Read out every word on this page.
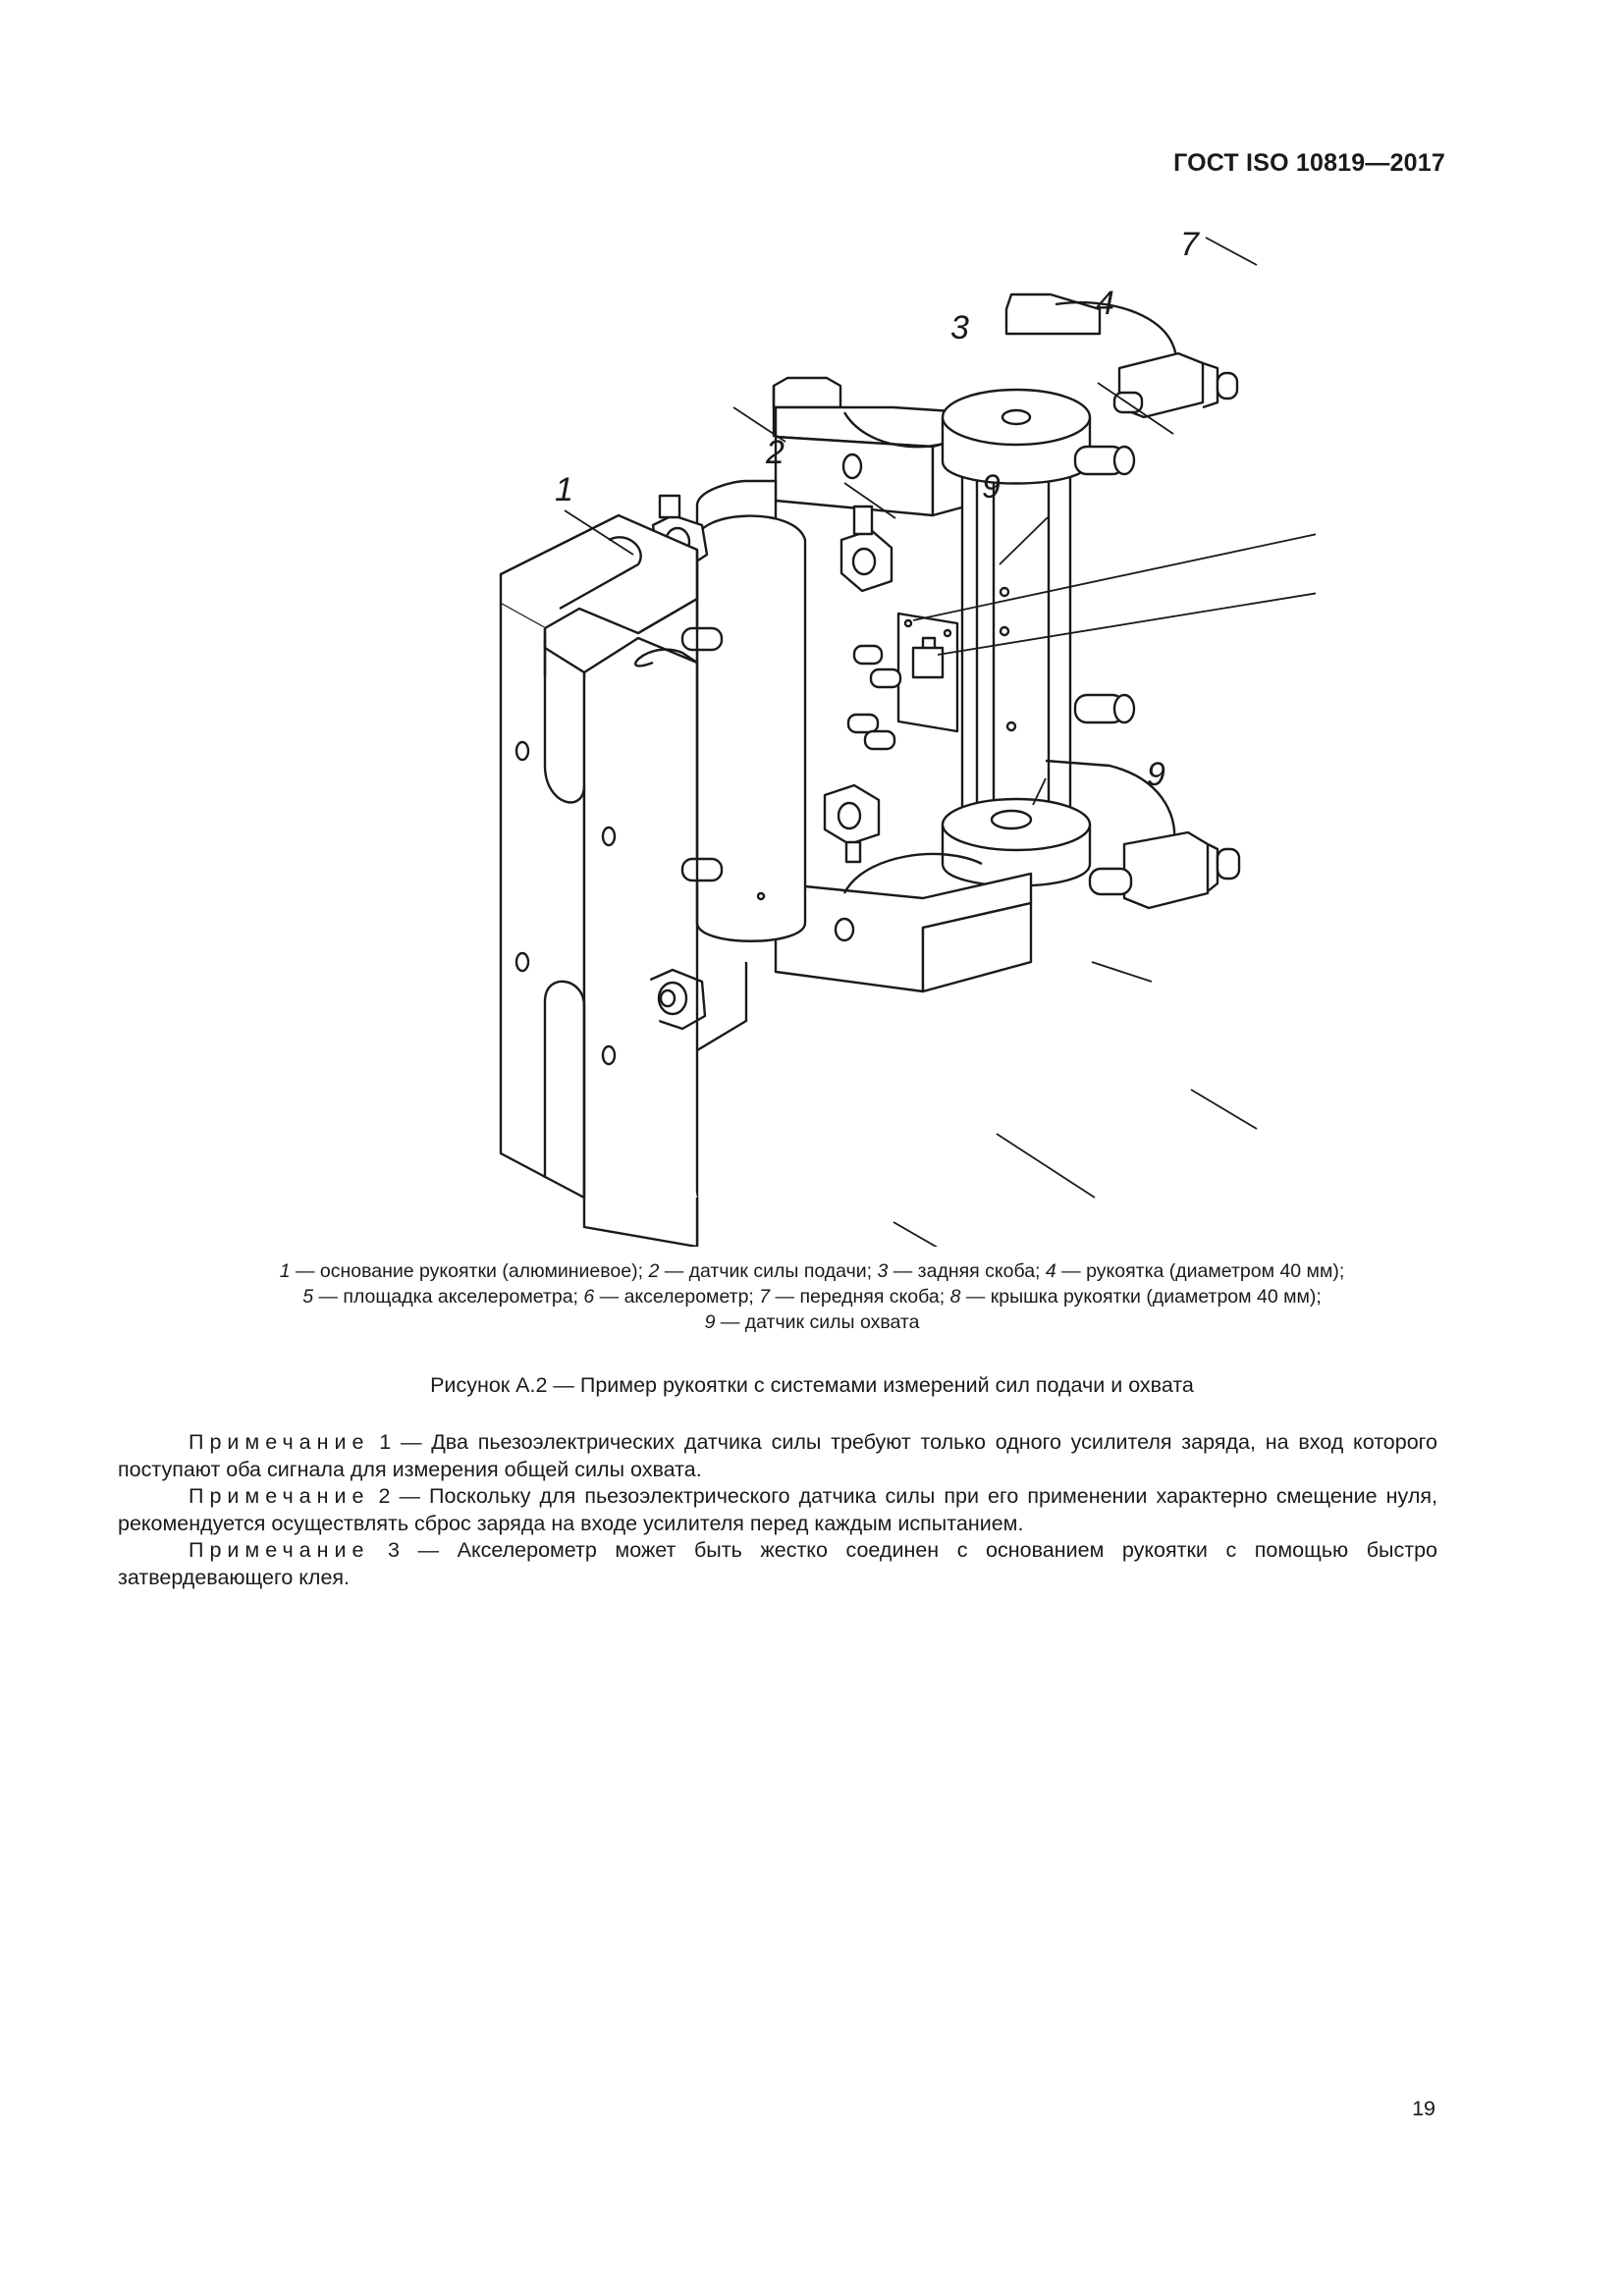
ГОСТ ISO 10819—2017
1
2
3
4
7
9
9
1 — основание рукоятки (алюминиевое); 2 — датчик силы подачи; 3 — задняя скоба; 4 — рукоятка (диаметром 40 мм);
5 — площадка акселерометра; 6 — акселерометр; 7 — передняя скоба; 8 — крышка рукоятки (диаметром 40 мм);
9 — датчик силы охвата
Рисунок А.2 — Пример рукоятки с системами измерений сил подачи и охвата

Примечание 1 — Два пьезоэлектрических датчика силы требуют только одного усилителя заряда, на вход которого поступают оба сигнала для измерения общей силы охвата.

Примечание 2 — Поскольку для пьезоэлектрического датчика силы при его применении характерно смещение нуля, рекомендуется осуществлять сброс заряда на входе усилителя перед каждым испытанием.

Примечание 3 — Акселерометр может быть жестко соединен с основанием рукоятки с помощью быстро затвердевающего клея.

19
